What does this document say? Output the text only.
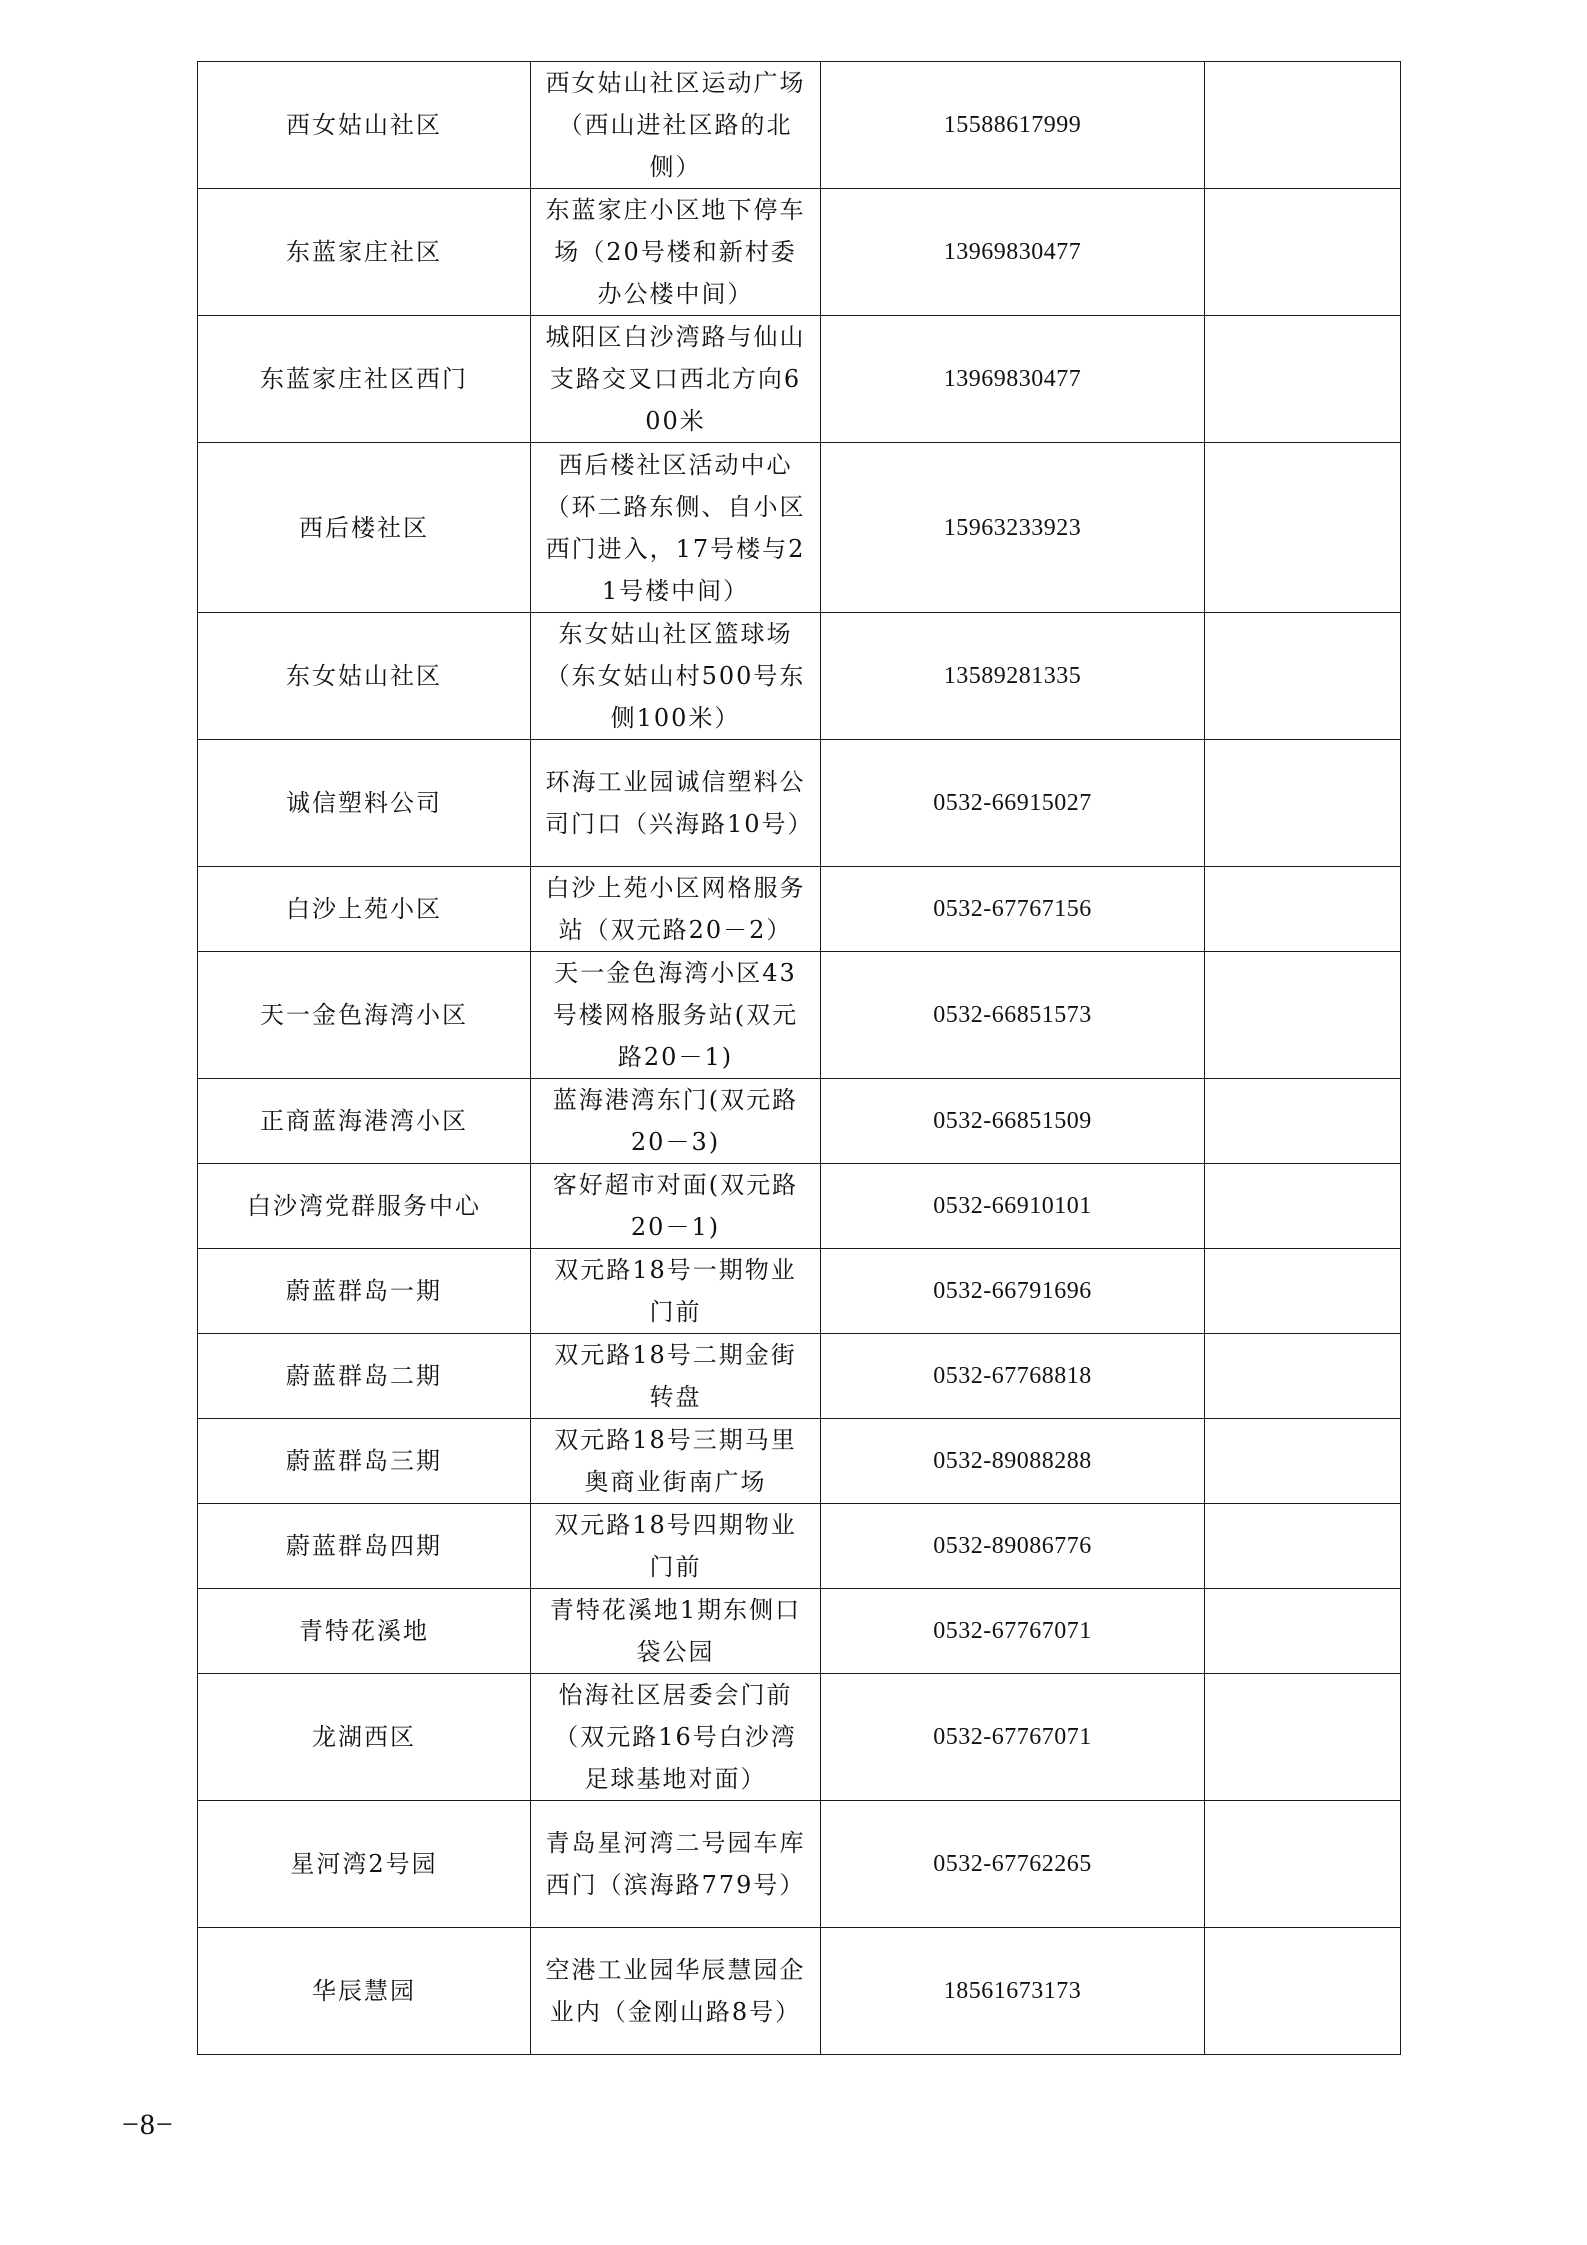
西女姑山社区	西女姑山社区运动广场（西山进社区路的北侧）	15588617999	
东蓝家庄社区	东蓝家庄小区地下停车场（20号楼和新村委办公楼中间）	13969830477	
东蓝家庄社区西门	城阳区白沙湾路与仙山支路交叉口西北方向600米	13969830477	
西后楼社区	西后楼社区活动中心（环二路东侧、自小区西门进入，17号楼与21号楼中间）	15963233923	
东女姑山社区	东女姑山社区篮球场（东女姑山村500号东侧100米）	13589281335	
诚信塑料公司	环海工业园诚信塑料公司门口（兴海路10号）	0532-66915027	
白沙上苑小区	白沙上苑小区网格服务站（双元路20－2）	0532-67767156	
天一金色海湾小区	天一金色海湾小区43号楼网格服务站(双元路20－1)	0532-66851573	
正商蓝海港湾小区	蓝海港湾东门(双元路20－3)	0532-66851509	
白沙湾党群服务中心	客好超市对面(双元路20－1)	0532-66910101	
蔚蓝群岛一期	双元路18号一期物业门前	0532-66791696	
蔚蓝群岛二期	双元路18号二期金街转盘	0532-67768818	
蔚蓝群岛三期	双元路18号三期马里奥商业街南广场	0532-89088288	
蔚蓝群岛四期	双元路18号四期物业门前	0532-89086776	
青特花溪地	青特花溪地1期东侧口袋公园	0532-67767071	
龙湖西区	怡海社区居委会门前（双元路16号白沙湾足球基地对面）	0532-67767071	
星河湾2号园	青岛星河湾二号园车库西门（滨海路779号）	0532-67762265	
华辰慧园	空港工业园华辰慧园企业内（金刚山路8号）	18561673173	
−8−
